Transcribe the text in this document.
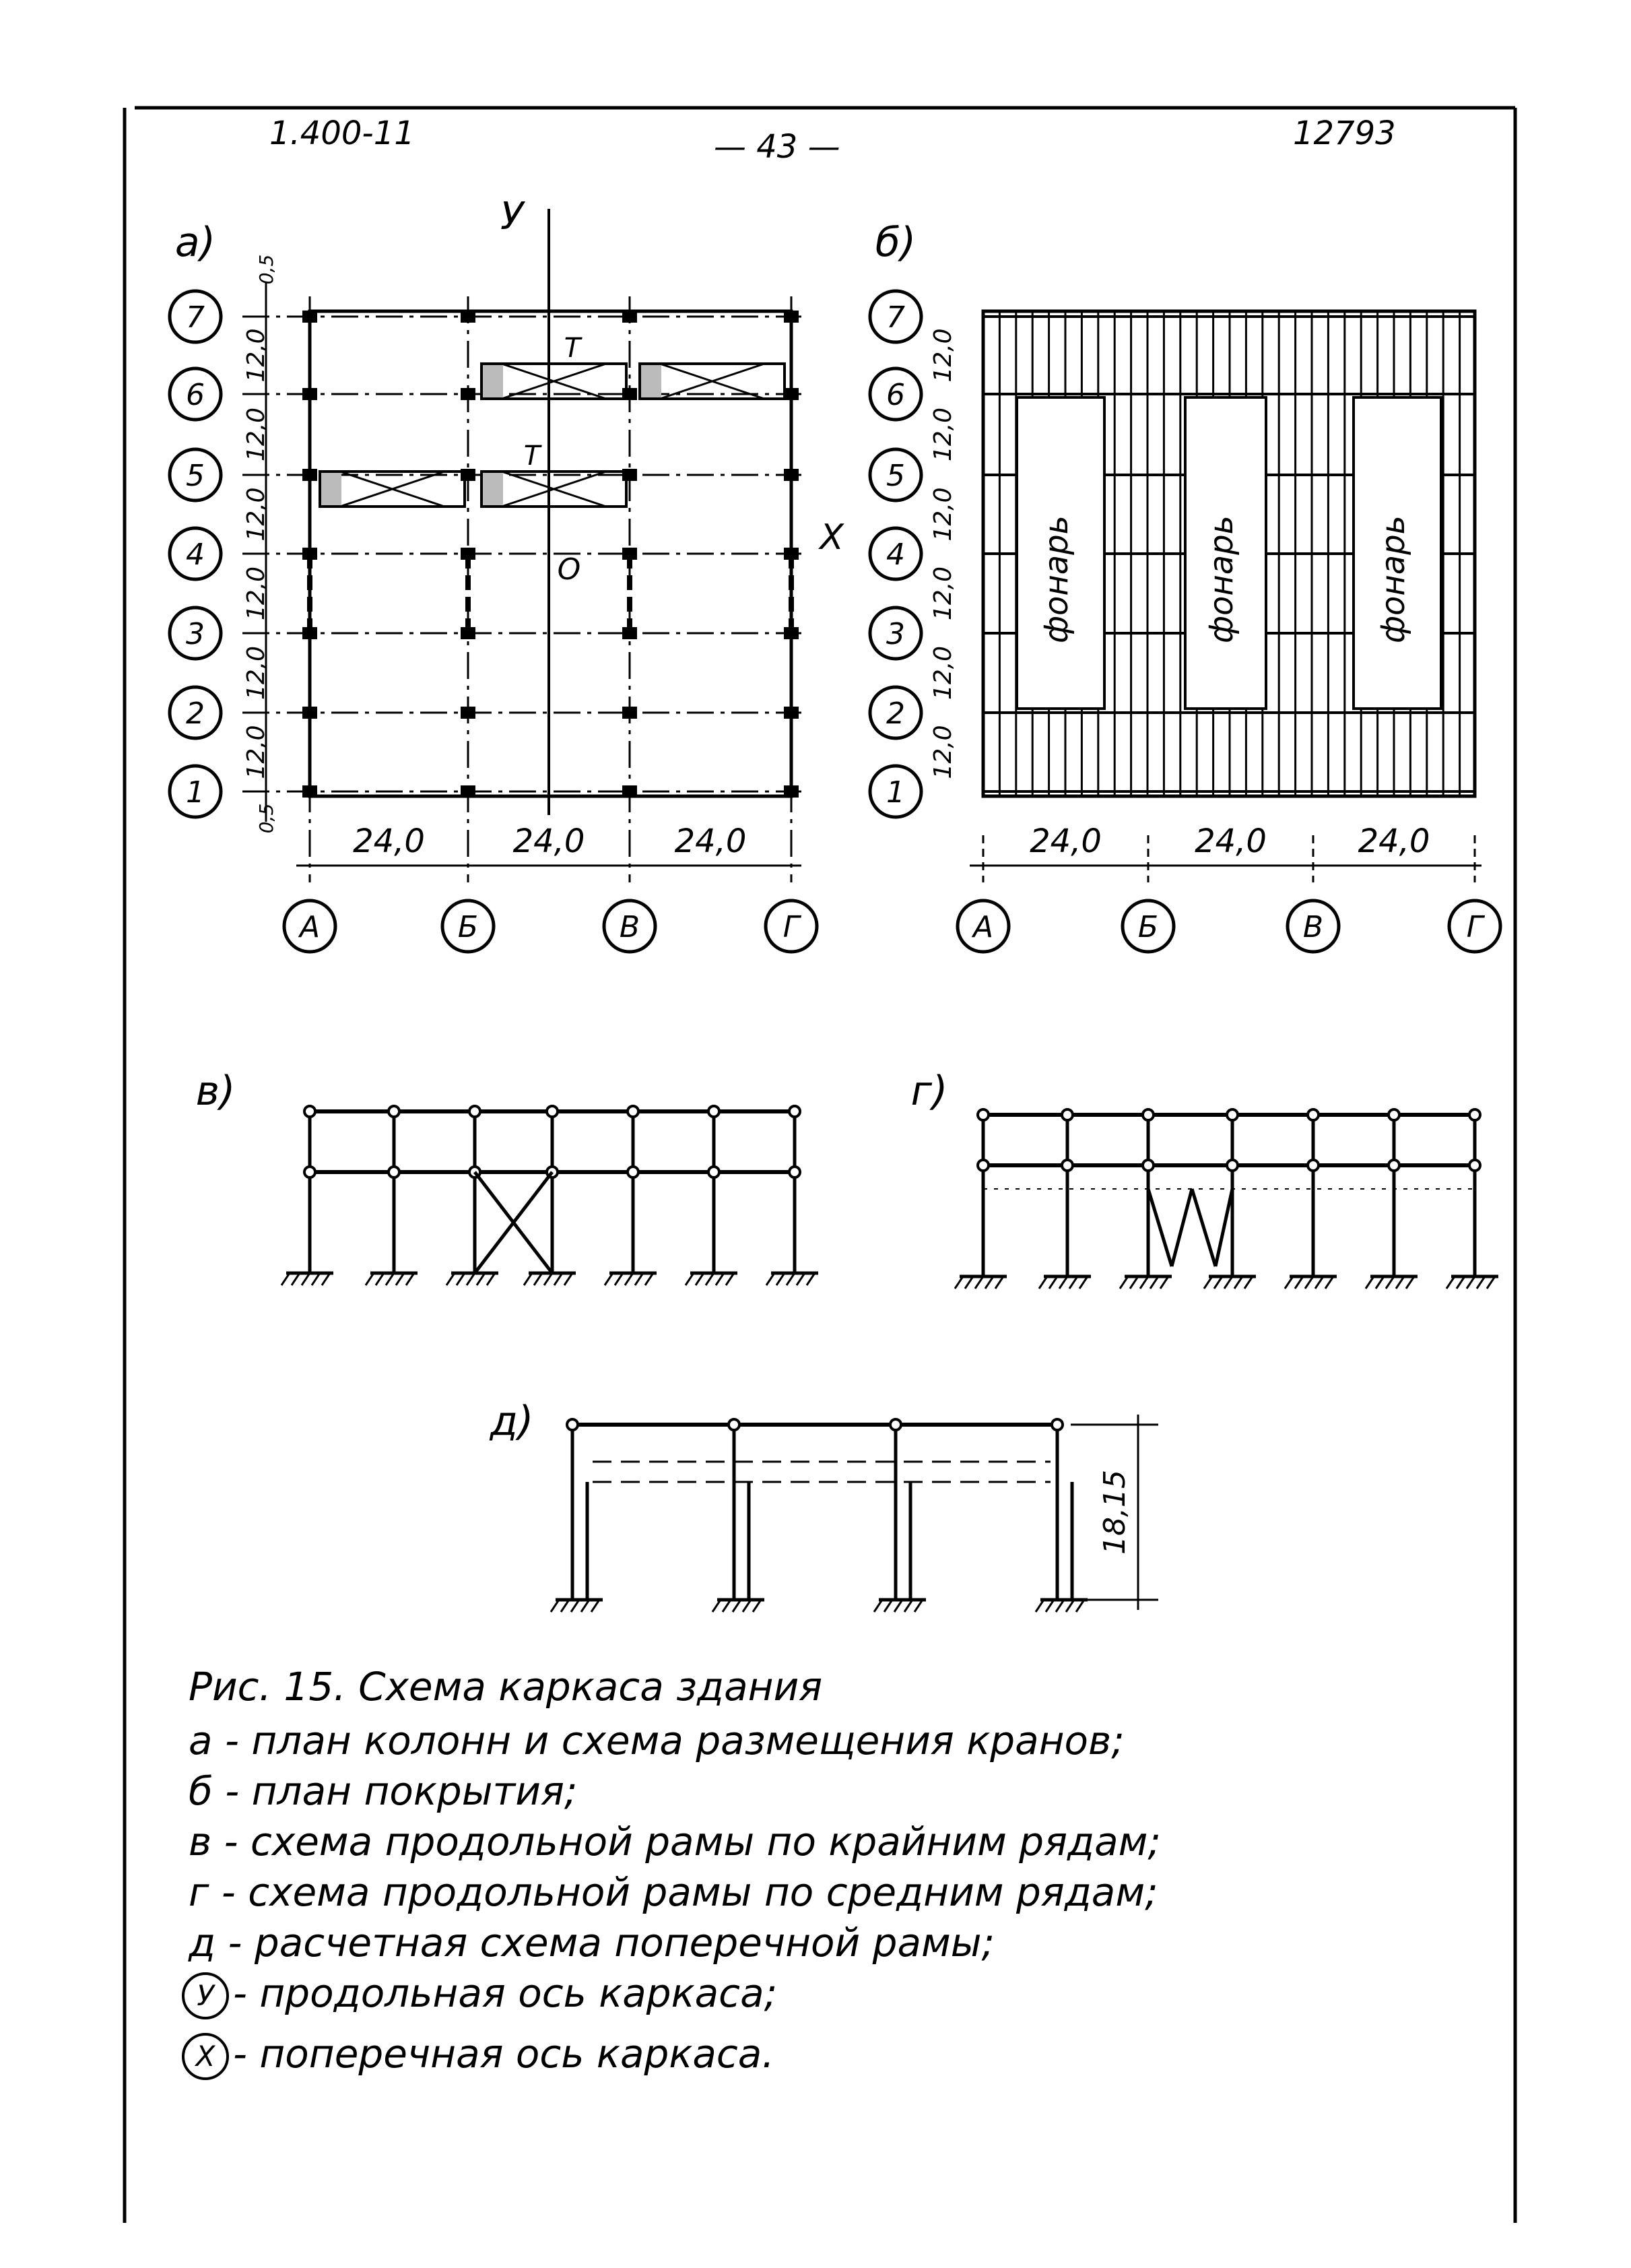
1.400-11	— 43 —	12793
а)
У
Х
О
Т
Т
7
6
5
4
3
2
1
12,0
12,0
12,0
12,0
12,0
12,0
0,5
0,5
24,0	24,0	24,0
А	Б	В	Г
б)
фонарь	фонарь	фонарь
7
6
5
4
3
2
1
12,0
12,0
12,0
12,0
12,0
12,0
24,0	24,0	24,0
А	Б	В	Г
в)	г)
д)
18,15
Рис. 15. Схема каркаса здания
а - план колонн и схема размещения кранов;
б - план покрытия;
в - схема продольной рамы по крайним рядам;
г - схема продольной рамы по средним рядам;
д - расчетная схема поперечной рамы;
У - продольная ось каркаса;
Х - поперечная ось каркаса.
